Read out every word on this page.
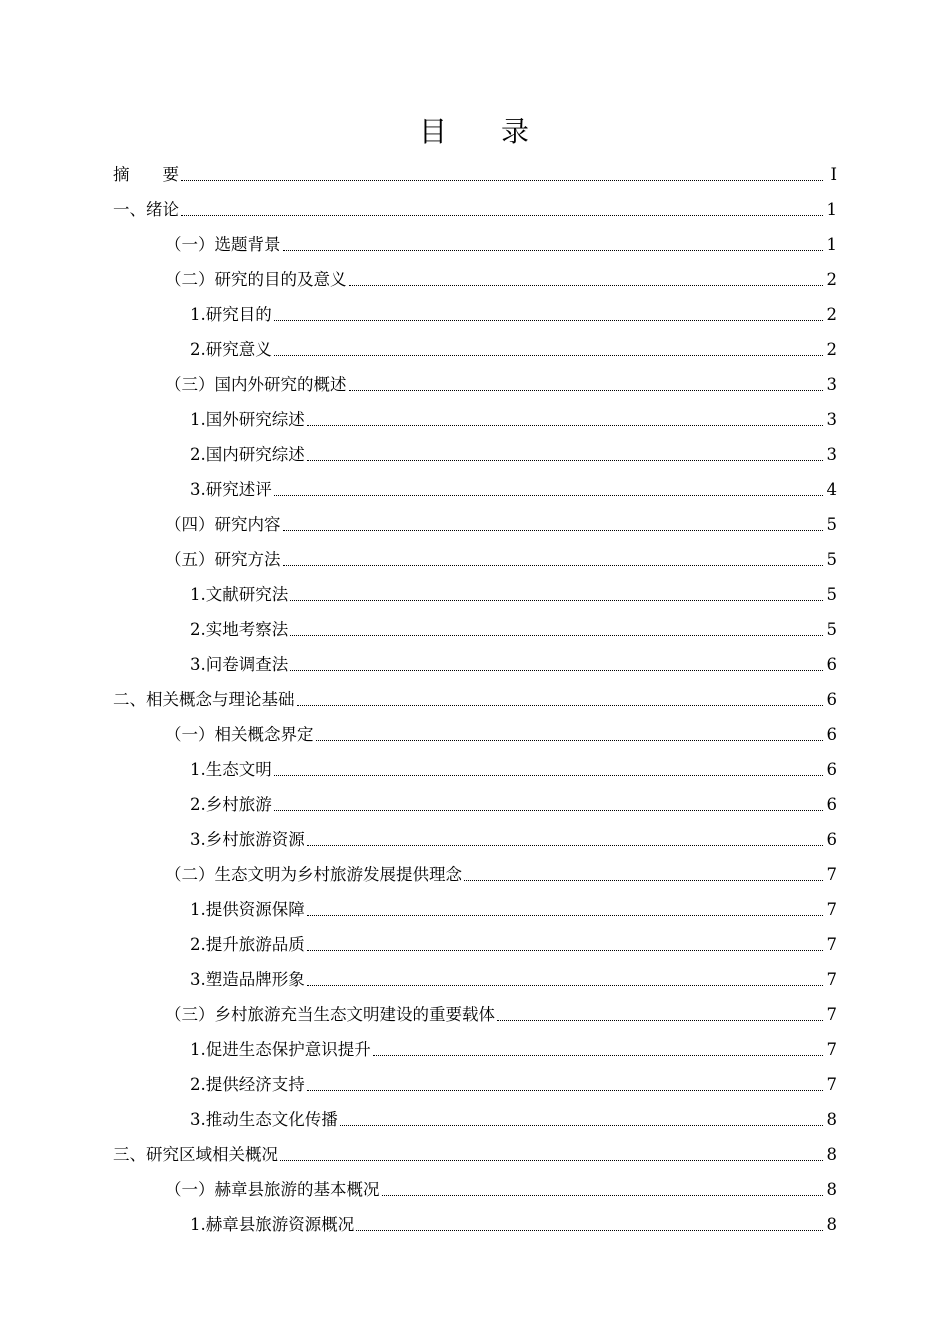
目 录
摘　　要	I
一、绪论	1
（一）选题背景	1
（二）研究的目的及意义	2
1.研究目的	2
2.研究意义	2
（三）国内外研究的概述	3
1.国外研究综述	3
2.国内研究综述	3
3.研究述评	4
（四）研究内容	5
（五）研究方法	5
1.文献研究法	5
2.实地考察法	5
3.问卷调查法	6
二、相关概念与理论基础	6
（一）相关概念界定	6
1.生态文明	6
2.乡村旅游	6
3.乡村旅游资源	6
（二）生态文明为乡村旅游发展提供理念	7
1.提供资源保障	7
2.提升旅游品质	7
3.塑造品牌形象	7
（三）乡村旅游充当生态文明建设的重要载体	7
1.促进生态保护意识提升	7
2.提供经济支持	7
3.推动生态文化传播	8
三、研究区域相关概况	8
（一）赫章县旅游的基本概况	8
1.赫章县旅游资源概况	8
